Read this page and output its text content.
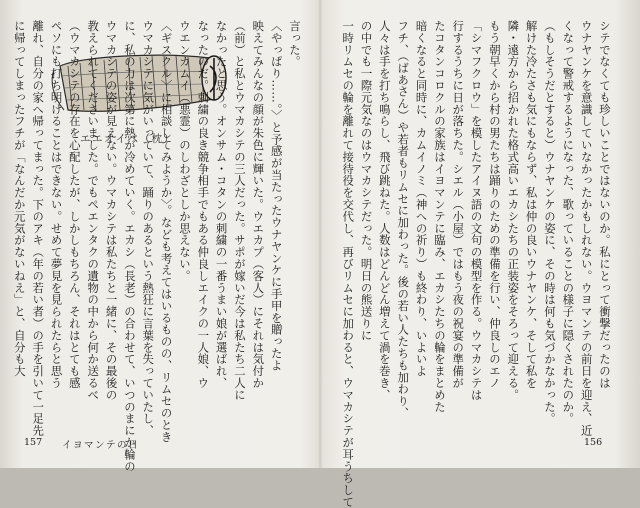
エエオイベ（枕）
言った。
〈やっぱり……。〉と予感が当たったウナヤンケに手甲を贈ったよ
映えてみんなの顔が朱色に輝いた。ウエカプ（客人）にそれは気付か
（前）と私とウマカシテの三人だった。サポが嫁いだ今は私たち二人に
なかったと思う。オンサム・コタンの刺繍の一番うまい娘が選ばれ、
なったのだ。刺繍の良き競争相手でもある仲良しエイクの一人娘、ウ
ウエンカムイ（悪霊）のしわざとしか思えない。
〈ギスクル〉に相談してみようか〉。なども考えてはいるものの、リムセのとき
ウマカシテに気がいっていて、踊りのあるという熱狂に言葉を失っていたし、
に、私の力は次第に熱が冷めていく。エカシ（長老）の合わせて、いつのまにか輪の
ウマカシテの姿が見えない。ウマカシテは私たちと一緒に、その最後の
教えられてくださいました。でもペエンタクの遺物の中から何か送るべ
（ウマカシテの存在を心配したが、しかしもちろん、それはとても感
ペソにも打ち明けることはできない。せめて夢見を見られたらと思う
離れ、自分の家へ帰ってまった。下のアキ（年の若い者）の手を引いて一足先
に帰ってしまったフチが「なんだか元気がないねえ」と、自分も大	シテでなくても珍しいことではないのか。私にとって衝撃だったのは
ウナヤンケを意識していなかったかもしれない。ウヨマンテの前日を迎え、近
くなって警戒するようになった、歌っていることの様子に隠くされたのか。
（もしそうだとすると）ウナヤンケの姿に、その時は何も気づかなかった。
解けた冷たさも気にもならず、私は仲の良いウナヤンケ、そして私を
隣・遠方から招かれた格式高いエカシたちの正装姿をそろって迎える。
もう朝早くから村の男たちは踊りのための準備を行い、仲良しのエノ
「シマフクロウ」を模したアイヌ語の文句の模型を作る。ウマカシテは
行するうちに日が落ちた。シエル（小屋）ではもう夜の祝宴の準備が
たコタンコロクルの家族はイヨマンテに臨み、エカシたちの輪をまとめた
暗くなると同時に、カムイノミ（神への祈り）も終わり、いよいよ
フチ、（ばあさん）や若者もリムセに加わった。後の若い人たちも加わり、
人々は手を打ち鳴らし、飛び跳ねた。人数はどんどん増えて渦を巻き、
の中でも一際元気なのはウマカシテだった。明日の熊送りに
一時リムセの輪を離れて接待役を交代し、再びリムセに加わると、ウマカシテが耳うちして
157 イヨマンテの日	156
